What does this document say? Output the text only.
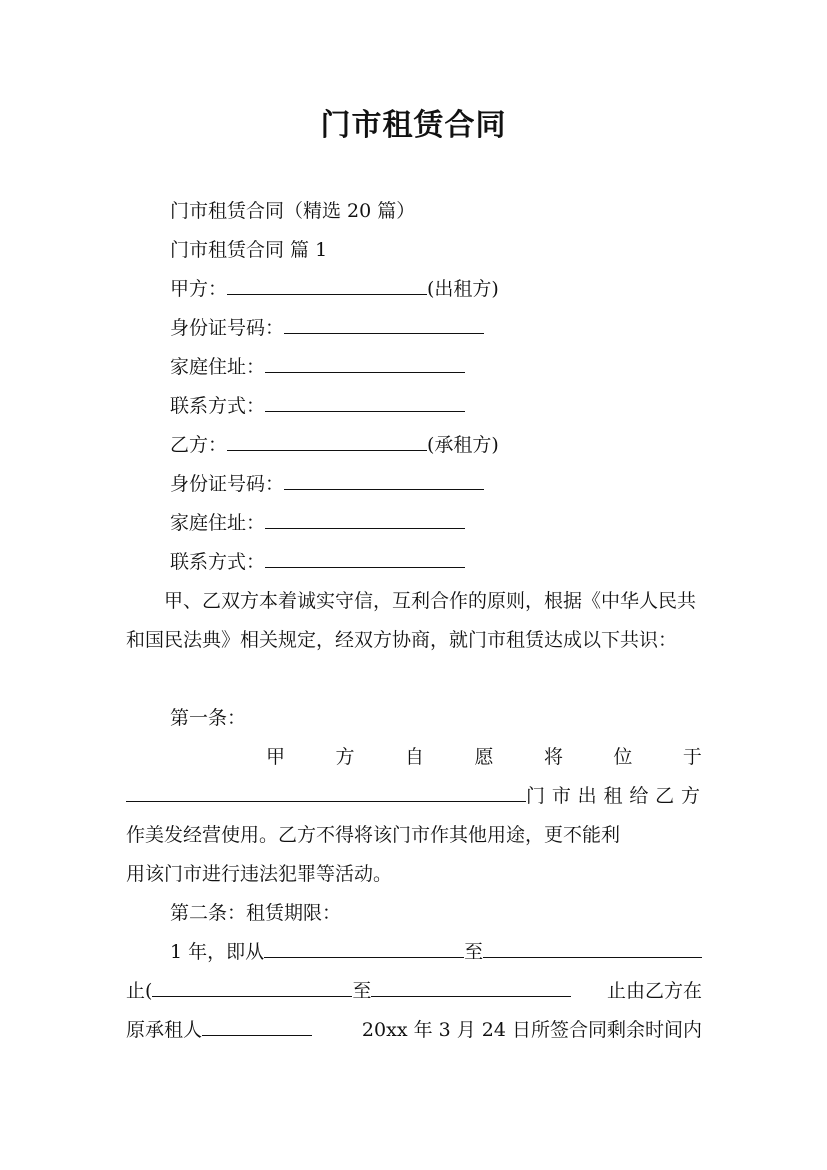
门市租赁合同
门市租赁合同（精选 20 篇）
门市租赁合同 篇 1
甲方：	(出租方)
身份证号码：
家庭住址：
联系方式：
乙方：	(承租方)
身份证号码：
家庭住址：
联系方式：
甲、乙双方本着诚实守信，互利合作的原则，根据《中华人民共和国民法典》相关规定，经双方协商，就门市租赁达成以下共识：
第一条：
甲	方	自	愿	将	位	于
门市出租给乙方
作美发经营使用。乙方不得将该门市作其他用途，更不能利
用该门市进行违法犯罪等活动。
第二条：租赁期限：
1 年，即从	至
止(	至	止由乙方在
原承租人	20xx 年 3 月 24 日所签合同剩余时间内
